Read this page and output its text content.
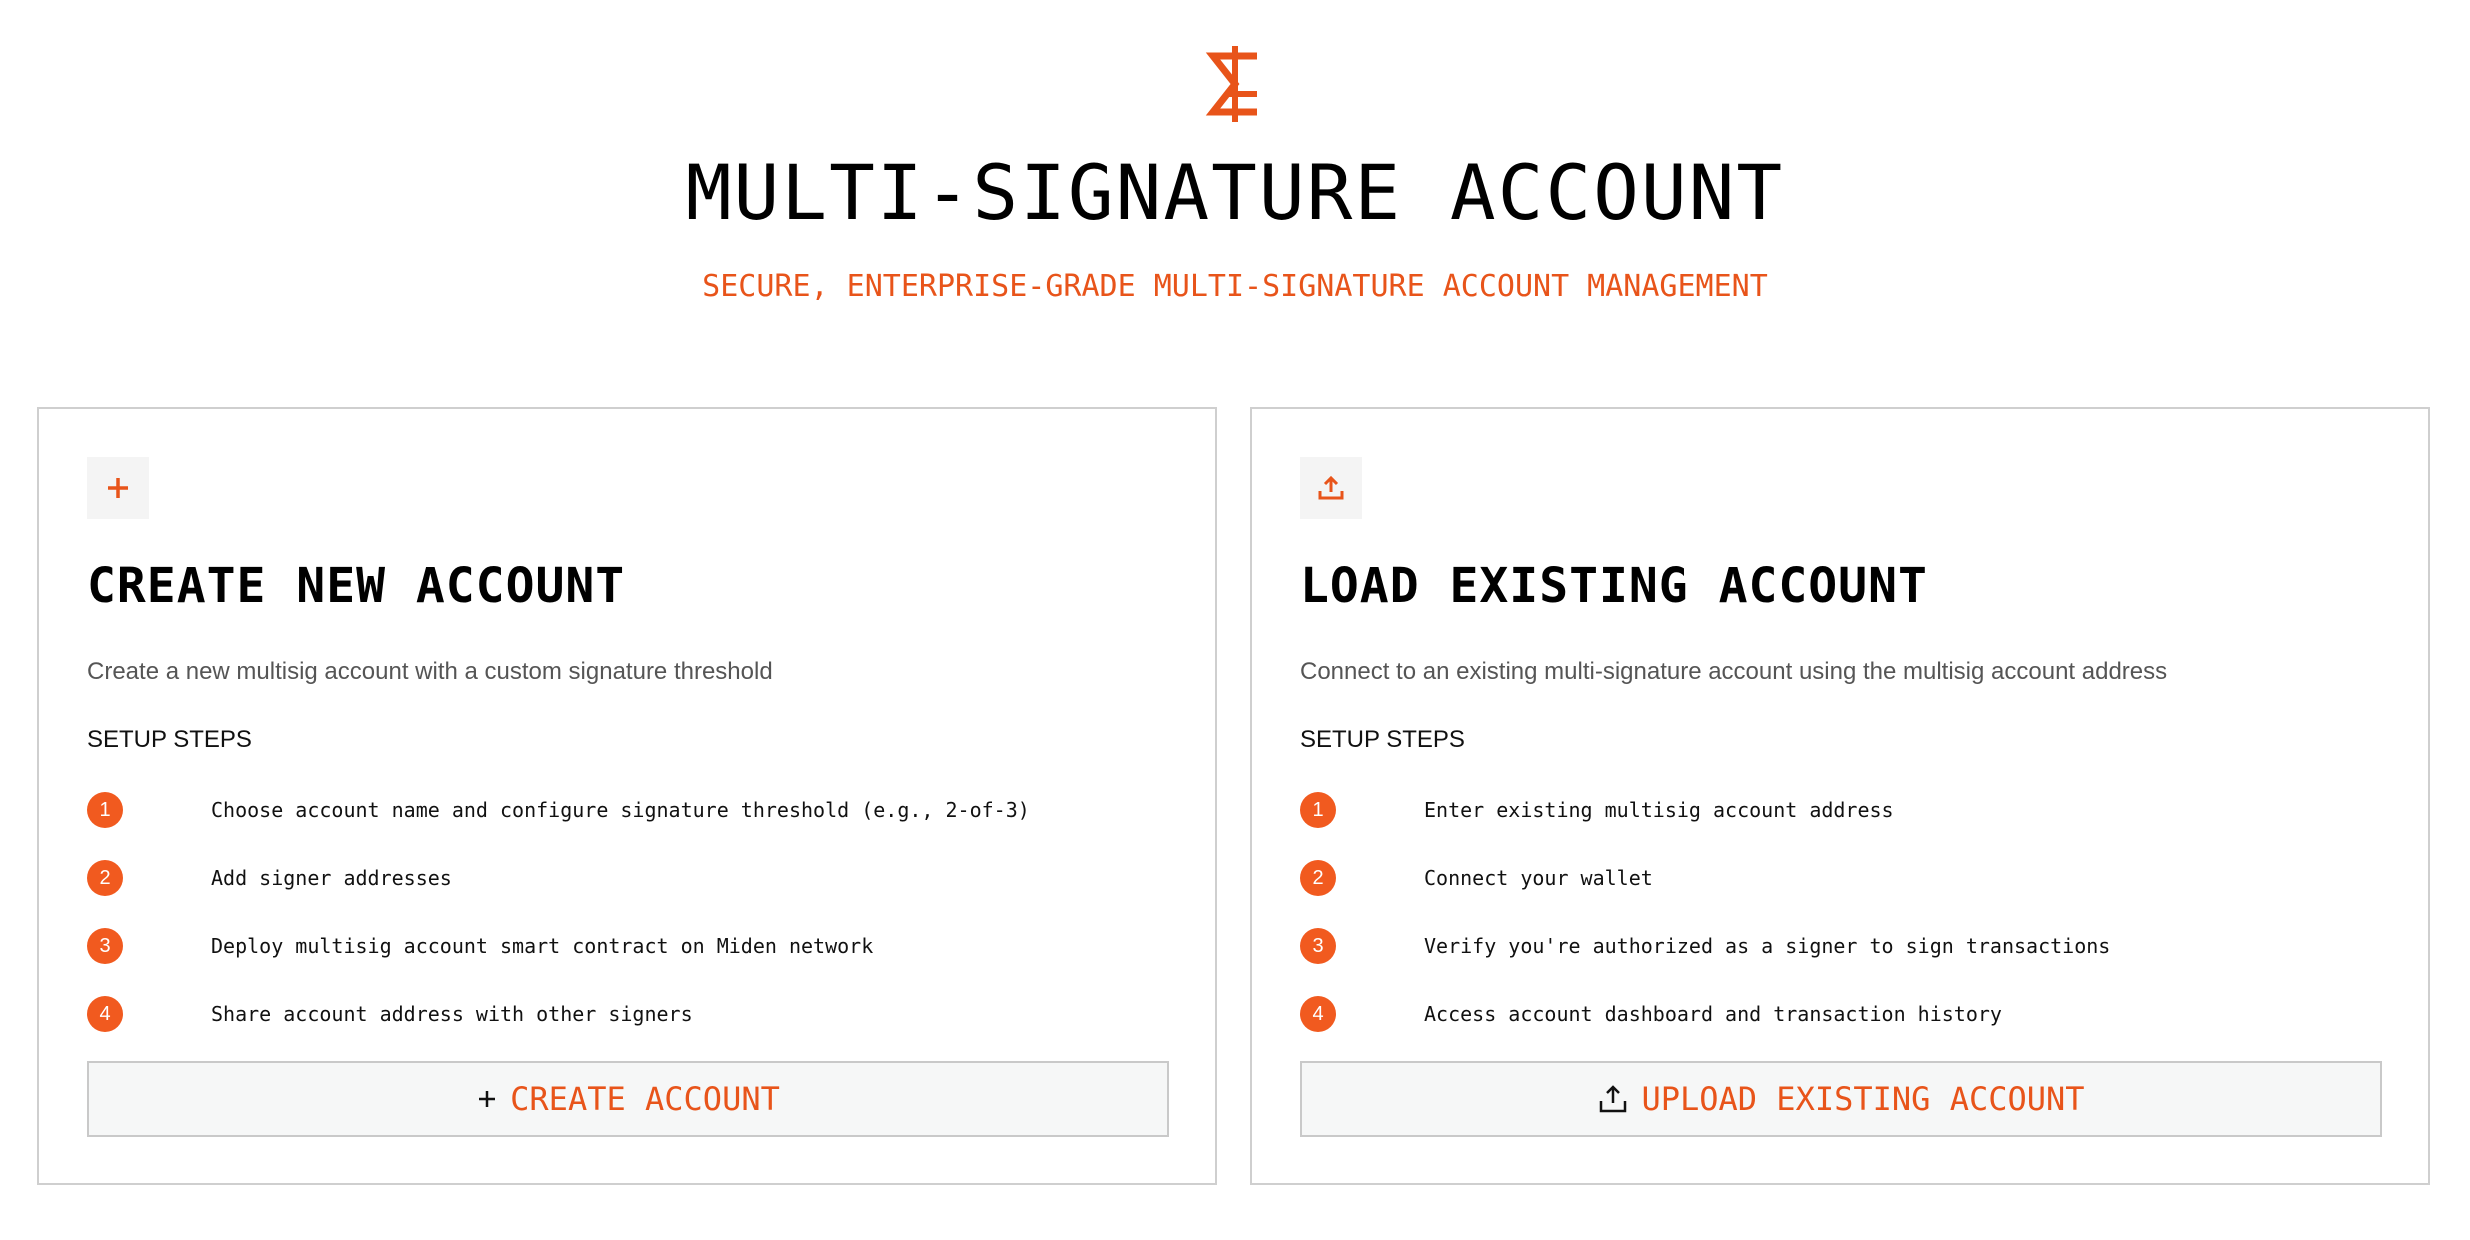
MULTI-SIGNATURE ACCOUNT
SECURE, ENTERPRISE-GRADE MULTI-SIGNATURE ACCOUNT MANAGEMENT
CREATE NEW ACCOUNT

Create a new multisig account with a custom signature threshold

SETUP STEPS
1	Choose account name and configure signature threshold (e.g., 2-of-3)
2	Add signer addresses
3	Deploy multisig account smart contract on Miden network
4	Share account address with other signers
CREATE ACCOUNT
LOAD EXISTING ACCOUNT

Connect to an existing multi-signature account using the multisig account address

SETUP STEPS
1	Enter existing multisig account address
2	Connect your wallet
3	Verify you're authorized as a signer to sign transactions
4	Access account dashboard and transaction history
UPLOAD EXISTING ACCOUNT
